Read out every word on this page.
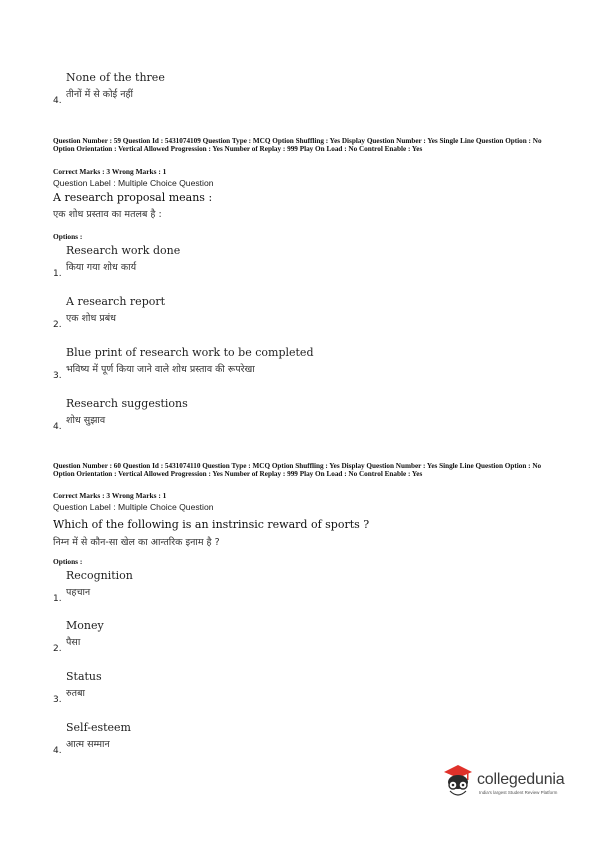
None of the three
तीनों में से कोई नहीं
4.
Question Number : 59 Question Id : 5431074109 Question Type : MCQ Option Shuffling : Yes Display Question Number : Yes Single Line Question Option : No Option Orientation : Vertical Allowed Progression : Yes Number of Replay : 999 Play On Load : No Control Enable : Yes
Correct Marks : 3 Wrong Marks : 1
Question Label : Multiple Choice Question
A research proposal means :
एक शोध प्रस्ताव का मतलब है :
Options :
Research work done
किया गया शोध कार्य
1.
A research report
एक शोध प्रबंध
2.
Blue print of research work to be completed
भविष्य में पूर्ण किया जाने वाले शोध प्रस्ताव की रूपरेखा
3.
Research suggestions
शोध सुझाव
4.
Question Number : 60 Question Id : 5431074110 Question Type : MCQ Option Shuffling : Yes Display Question Number : Yes Single Line Question Option : No Option Orientation : Vertical Allowed Progression : Yes Number of Replay : 999 Play On Load : No Control Enable : Yes
Correct Marks : 3 Wrong Marks : 1
Question Label : Multiple Choice Question
Which of the following is an instrinsic reward of sports ?
निम्न में से कौन-सा खेल का आन्तरिक इनाम है ?
Options :
Recognition
पहचान
1.
Money
पैसा
2.
Status
रुतबा
3.
Self-esteem
आत्म सम्मान
4.
collegedunia
India's largest Student Review Platform
